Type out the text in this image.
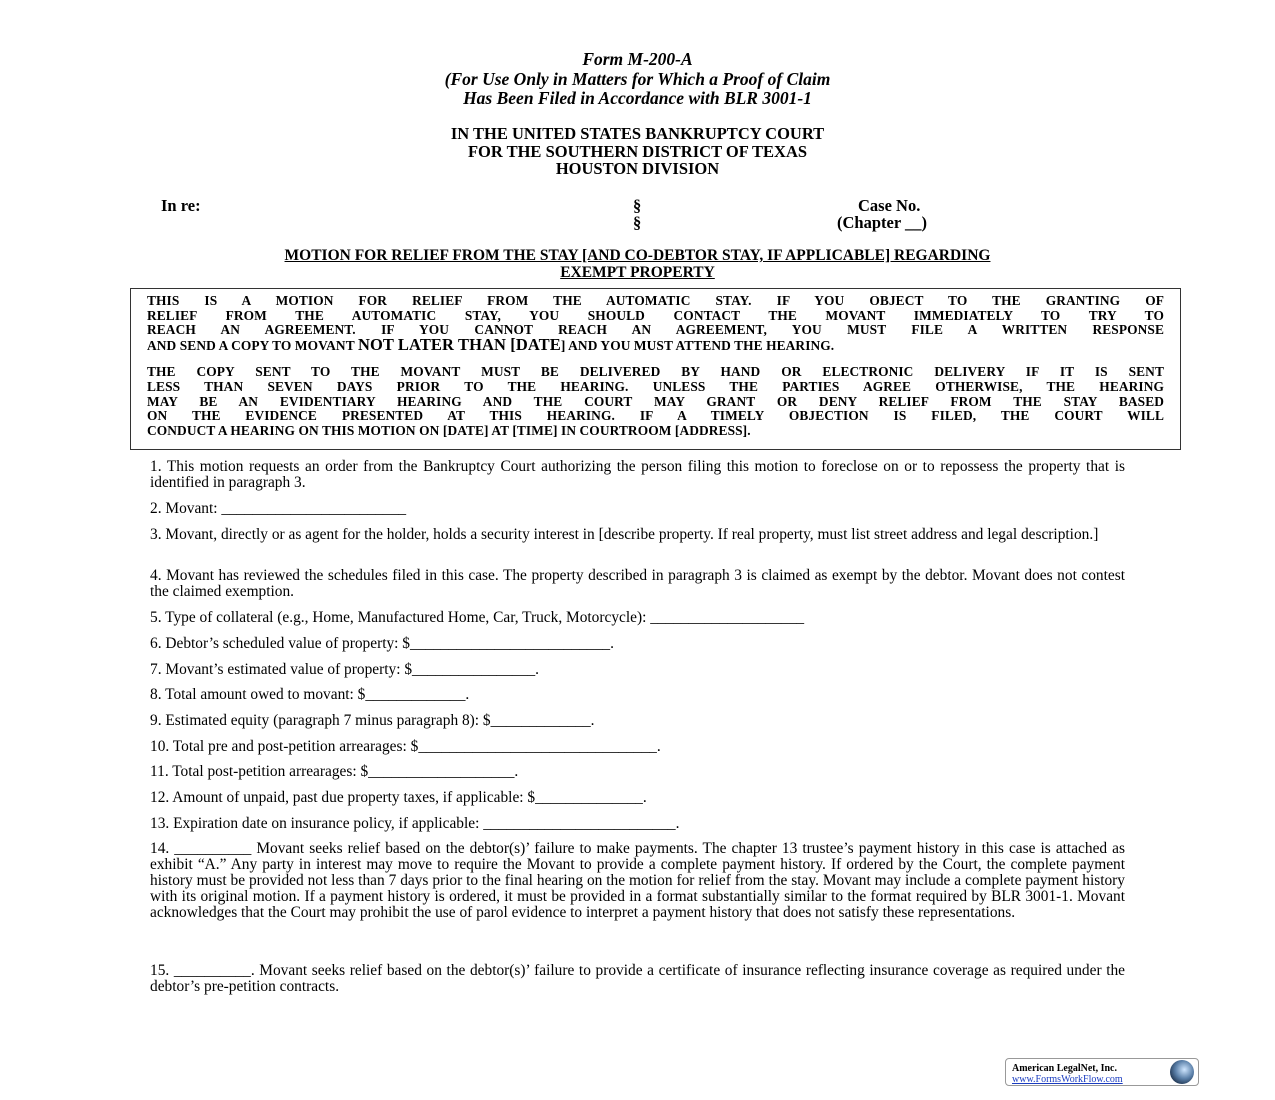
Form M-200-A
(For Use Only in Matters for Which a Proof of Claim
Has Been Filed in Accordance with BLR 3001-1
IN THE UNITED STATES BANKRUPTCY COURT
FOR THE SOUTHERN DISTRICT OF TEXAS
HOUSTON DIVISION
In re:	§
§
Case No.
(Chapter __)
MOTION FOR RELIEF FROM THE STAY [AND CO-DEBTOR STAY, IF APPLICABLE] REGARDING
EXEMPT PROPERTY
THIS IS A MOTION FOR RELIEF FROM THE AUTOMATIC STAY. IF YOU OBJECT TO THE GRANTING OF
RELIEF FROM THE AUTOMATIC STAY, YOU SHOULD CONTACT THE MOVANT IMMEDIATELY TO TRY TO
REACH AN AGREEMENT. IF YOU CANNOT REACH AN AGREEMENT, YOU MUST FILE A WRITTEN RESPONSE
AND SEND A COPY TO MOVANT NOT LATER THAN [DATE] AND YOU MUST ATTEND THE HEARING.
THE COPY SENT TO THE MOVANT MUST BE DELIVERED BY HAND OR ELECTRONIC DELIVERY IF IT IS SENT
LESS THAN SEVEN DAYS PRIOR TO THE HEARING. UNLESS THE PARTIES AGREE OTHERWISE, THE HEARING
MAY BE AN EVIDENTIARY HEARING AND THE COURT MAY GRANT OR DENY RELIEF FROM THE STAY BASED
ON THE EVIDENCE PRESENTED AT THIS HEARING. IF A TIMELY OBJECTION IS FILED, THE COURT WILL
CONDUCT A HEARING ON THIS MOTION ON [DATE] AT [TIME] IN COURTROOM [ADDRESS].
1. This motion requests an order from the Bankruptcy Court authorizing the person filing this motion to foreclose on or to repossess the property that is identified in paragraph 3.
2. Movant: ________________________
3. Movant, directly or as agent for the holder, holds a security interest in [describe property. If real property, must list street address and legal description.]
4. Movant has reviewed the schedules filed in this case. The property described in paragraph 3 is claimed as exempt by the debtor. Movant does not contest the claimed exemption.
5. Type of collateral (e.g., Home, Manufactured Home, Car, Truck, Motorcycle): ____________________
6. Debtor’s scheduled value of property: $__________________________.
7. Movant’s estimated value of property: $________________.
8. Total amount owed to movant: $_____________.
9. Estimated equity (paragraph 7 minus paragraph 8): $_____________.
10. Total pre and post-petition arrearages: $_______________________________.
11. Total post-petition arrearages: $___________________.
12. Amount of unpaid, past due property taxes, if applicable: $______________.
13. Expiration date on insurance policy, if applicable: _________________________.
14. __________ Movant seeks relief based on the debtor(s)’ failure to make payments. The chapter 13 trustee’s payment history in this case is attached as exhibit “A.” Any party in interest may move to require the Movant to provide a complete payment history. If ordered by the Court, the complete payment history must be provided not less than 7 days prior to the final hearing on the motion for relief from the stay. Movant may include a complete payment history with its original motion. If a payment history is ordered, it must be provided in a format substantially similar to the format required by BLR 3001-1. Movant acknowledges that the Court may prohibit the use of parol evidence to interpret a payment history that does not satisfy these representations.
15. __________. Movant seeks relief based on the debtor(s)’ failure to provide a certificate of insurance reflecting insurance coverage as required under the debtor’s pre-petition contracts.
American LegalNet, Inc.
www.FormsWorkFlow.com
